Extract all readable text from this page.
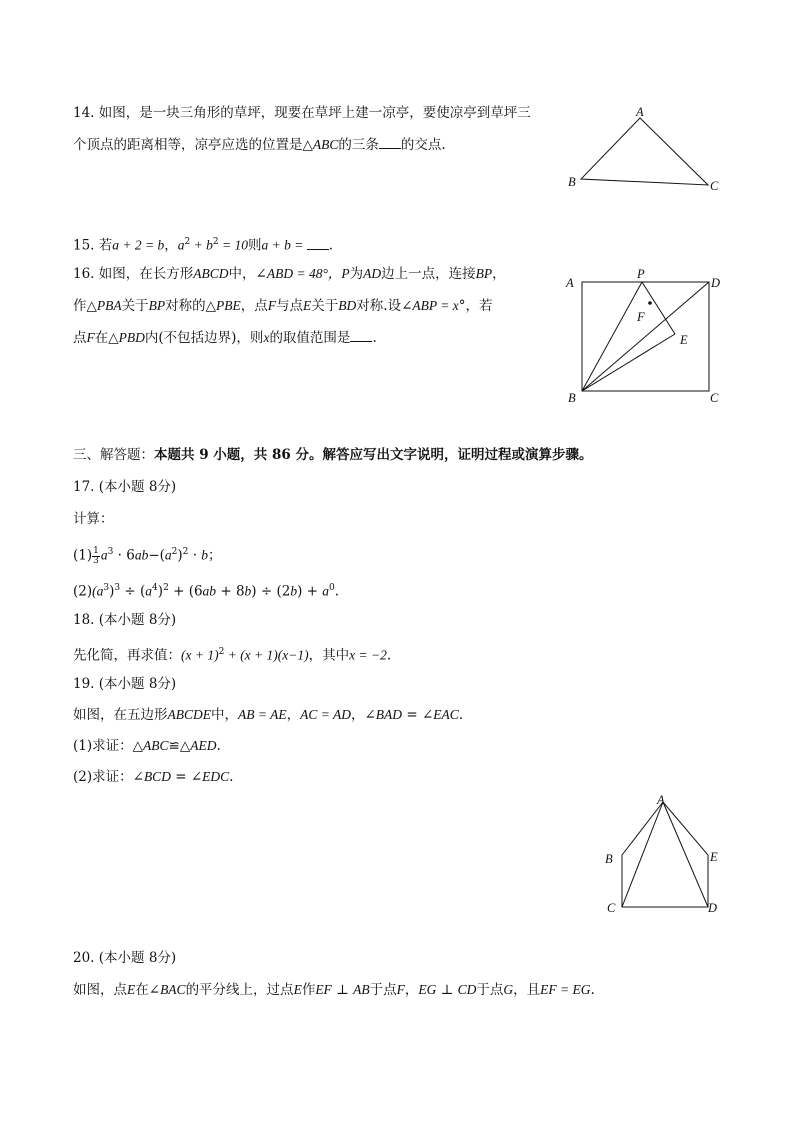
14. 如图，是一块三角形的草坪，现要在草坪上建一凉亭，要使凉亭到草坪三
个顶点的距离相等，凉亭应选的位置是△ABC的三条 的交点.
A
B	C
15. 若a + 2 = b，$a^2 + b^2 = 10$则a + b = .
16. 如图，在长方形ABCD中，∠ABD = 48°，P为AD边上一点，连接BP，
作△PBA关于BP对称的△PBE，点F与点E关于BD对称.设∠ABP = x°，若
点F在△PBD内(不包括边界)，则x的取值范围是 .
A
P
D
F
E
B	C
三、解答题：本题共 9 小题，共 86 分。解答应写出文字说明，证明过程或演算步骤。
17. (本小题 8分)
计算：
$(1) \frac{1}{3} a^3 \cdot 6ab-(a^2)^2 \cdot b$；
$(2)(a^3)^3 \div (a^4)^2 + (6ab + 8b) \div (2b) + a^0$.
18. (本小题 8分)
先化简，再求值：$(x + 1)^2 + (x + 1)(x-1)$，其中x = −2.
19. (本小题 8分)
如图，在五边形ABCDE中，AB = AE，AC = AD，∠BAD = ∠EAC.
(1)求证：△ABC≌△AED.
(2)求证：∠BCD = ∠EDC.
A
B	E
C	D
20. (本小题 8分)
如图，点E在∠BAC的平分线上，过点E作EF ⊥ AB于点F，EG ⊥ CD于点G，且EF = EG.
